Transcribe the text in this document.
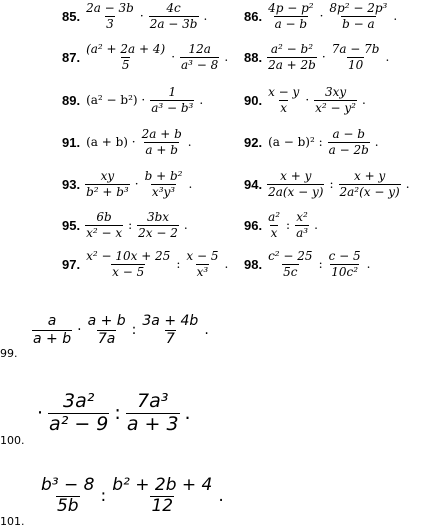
85. $\frac{2a - 3b}{3} \cdot \frac{4c}{2a - 3b}$ .	86. $\frac{\text{4p − p²}}{a - b} \cdot \frac{\text{8p² − 2p³}}{b - a}$ .
87. $\frac{\text{(a² + 2a + 4)}}{5} \cdot \frac{12a}{\text{a³ − 8}}$ . 88. $\frac{\text{a² − b²}}{2a + 2b} \cdot \frac{7a - 7b}{10}$ .
89. $(a^2 - b^2) \cdot \frac{1}{\text{a³ − b³}}$ .	90. $\frac{x - y}{x} \cdot \frac{3xy}{\text{x² − y²}}$ .
91. $(a + b) \cdot \frac{2a + b}{a + b}$ .	92. (a − b)² : $\frac{a - b}{a - 2b}$ .
93. $\frac{xy}{\text{b² + b³}} \cdot \frac{\text{b + b²}}{\text{x³y³}}$ .	94. $\frac{x + y}{2a(x - y)}$ : $\frac{x + y}{\text{2a²(x − y)}}$ .
95. $\frac{6b}{\text{x² − x}}$ : $\frac{3bx}{2x - 2}$ .	96. $\frac{\text{a²}}{x}$ : $\frac{\text{x²}}{\text{a³}}$ .
97. $\frac{\text{x² − 10x + 25}}{x - 5}$ : $\frac{x - 5}{\text{x³}}$ . 98. $\frac{\text{c² − 25}}{5c}$ : $\frac{c - 5}{\text{10c²}}$ .
99.
$\frac{a}{a + b} \cdot \frac{a + b}{7a}$ : $\frac{3a + 4b}{7}$ .
100.
· $\frac{\text{3a²}}{\text{a² − 9}}$ : $\frac{\text{7a³}}{a + 3}$ .
101.
$\frac{\text{b³ − 8}}{5b}$ : $\frac{\text{b² + 2b + 4}}{12}$ .
